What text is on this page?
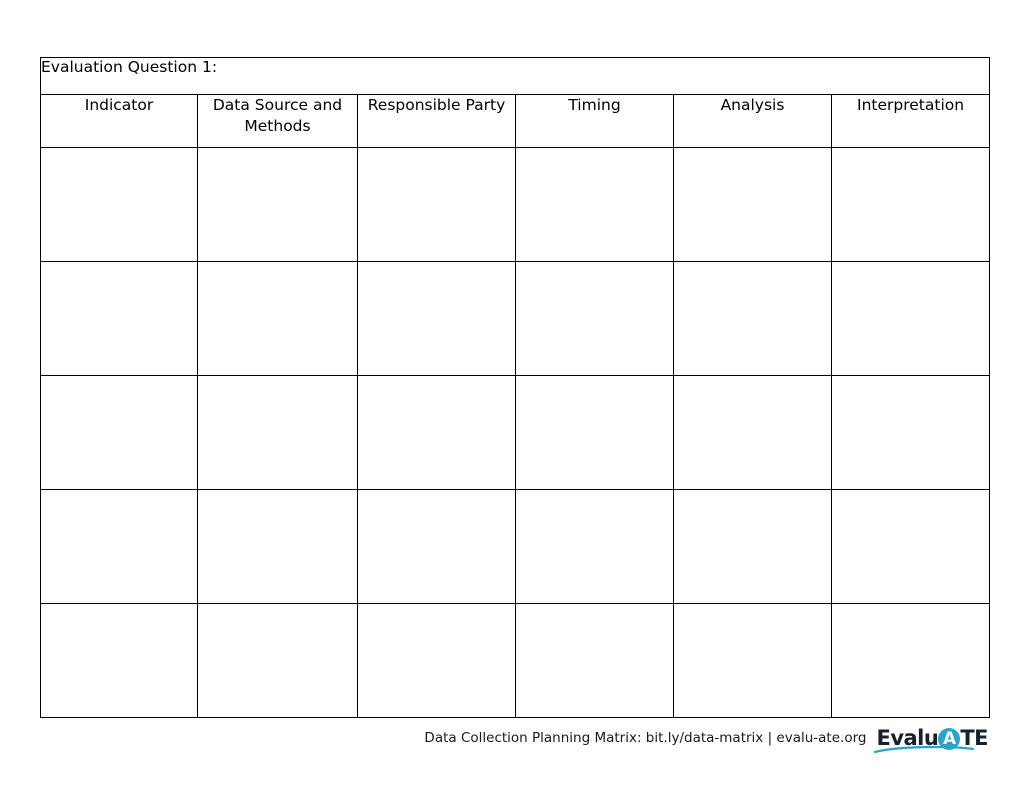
Evaluation Question 1:					
Indicator	Data Source and Methods	Responsible Party	Timing	Analysis	Interpretation

Data Collection Planning Matrix: bit.ly/data-matrix | evalu-ate.org Evalu A TE
